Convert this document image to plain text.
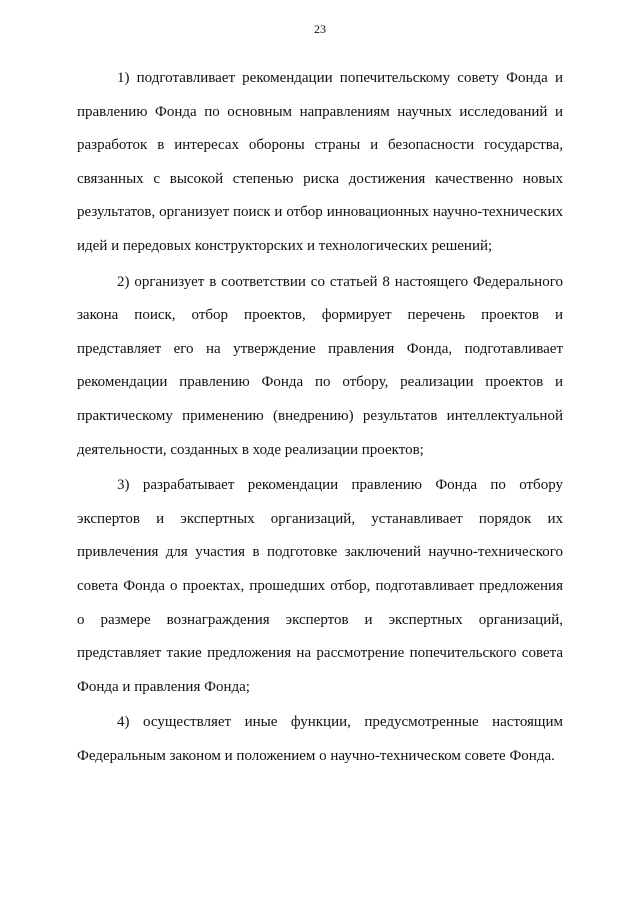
23

1) подготавливает рекомендации попечительскому совету Фонда и правлению Фонда по основным направлениям научных исследований и разработок в интересах обороны страны и безопасности государства, связанных с высокой степенью риска достижения качественно новых результатов, организует поиск и отбор инновационных научно-технических идей и передовых конструкторских и технологических решений;

2) организует в соответствии со статьей 8 настоящего Федерального закона поиск, отбор проектов, формирует перечень проектов и представляет его на утверждение правления Фонда, подготавливает рекомендации правлению Фонда по отбору, реализации проектов и практическому применению (внедрению) результатов интеллектуальной деятельности, созданных в ходе реализации проектов;

3) разрабатывает рекомендации правлению Фонда по отбору экспертов и экспертных организаций, устанавливает порядок их привлечения для участия в подготовке заключений научно-технического совета Фонда о проектах, прошедших отбор, подготавливает предложения о размере вознаграждения экспертов и экспертных организаций, представляет такие предложения на рассмотрение попечительского совета Фонда и правления Фонда;

4) осуществляет иные функции, предусмотренные настоящим Федеральным законом и положением о научно-техническом совете Фонда.
